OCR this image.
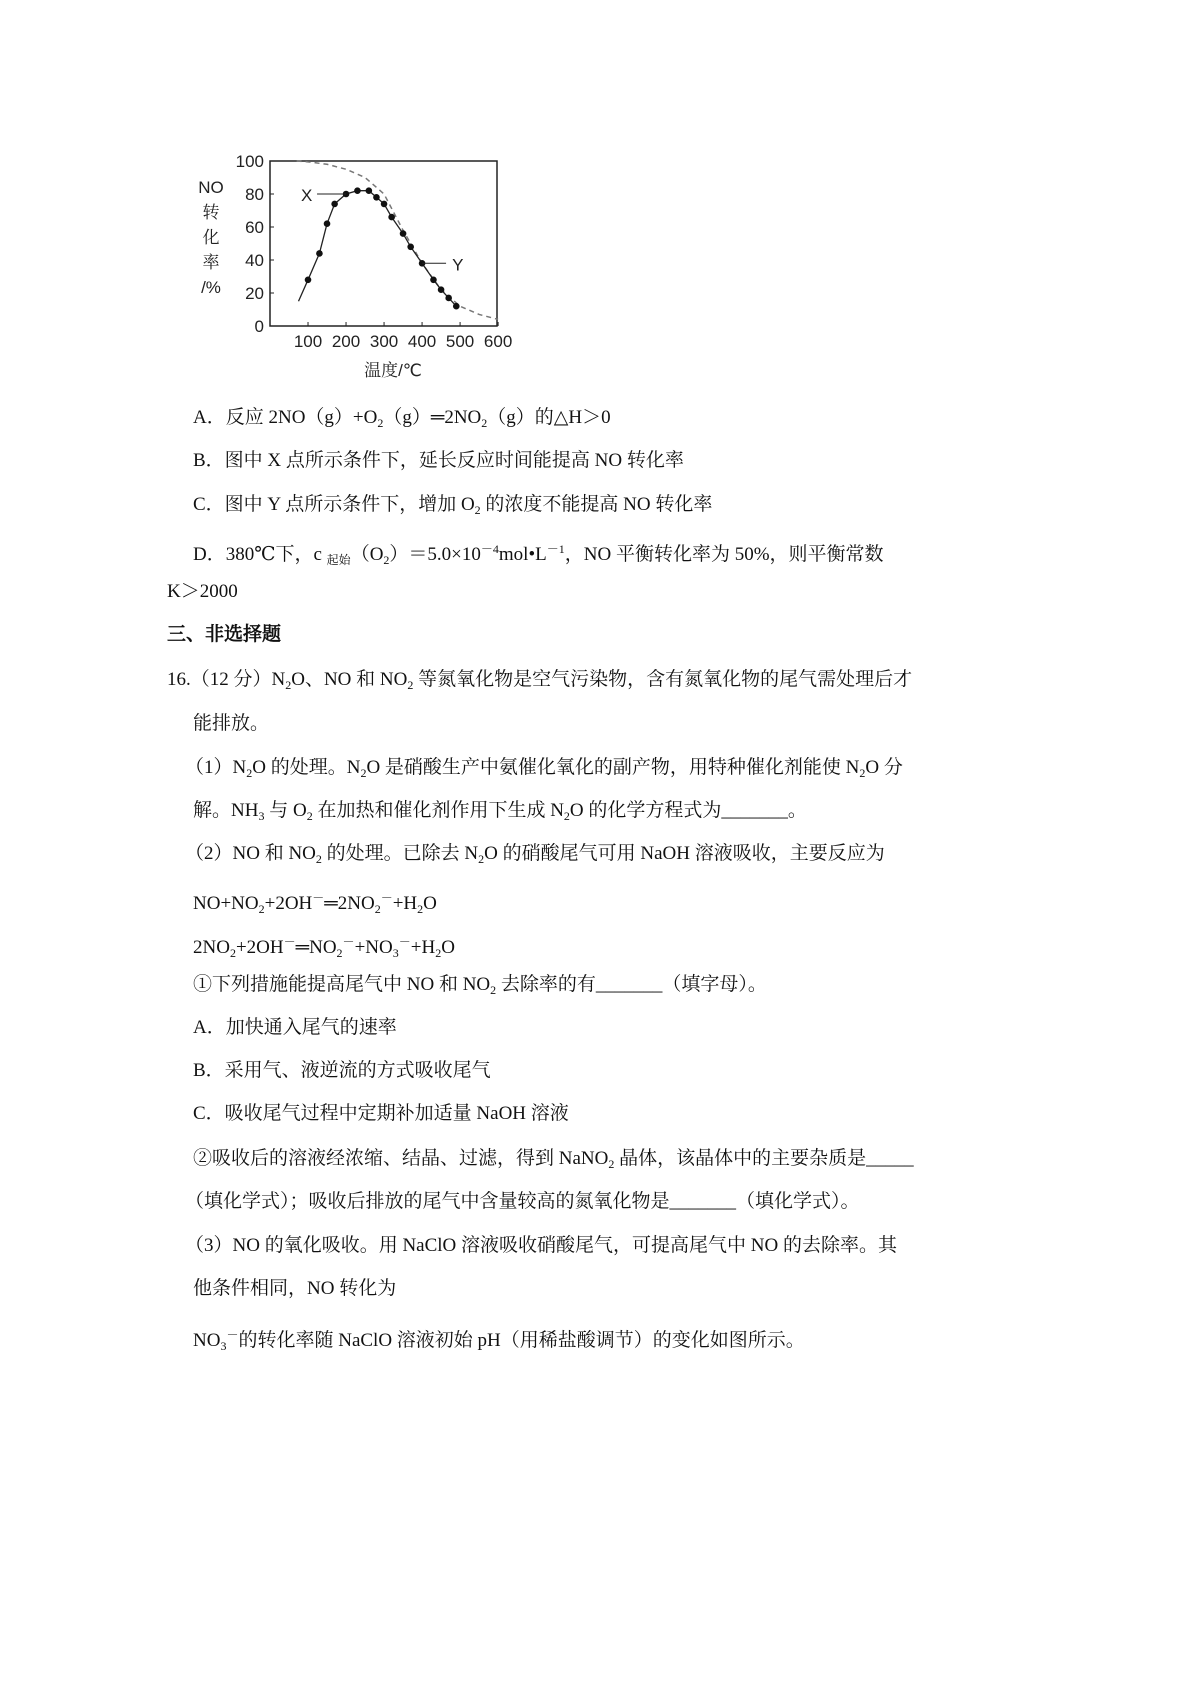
100 200 300 400 500 600
0
20
40
60
80
100
温度/℃
NO
转
化
率
/%
X
Y
A．反应 $2NO(g)+O_2(g)═2NO_2(g)$的△H＞0
B．图中 X 点所示条件下，延长反应时间能提高 NO 转化率
C．图中 Y 点所示条件下，增加 $O_2$ 的浓度不能提高 NO 转化率
D．380℃下，c $_{起始}(O_2)=5.0\times 10^{-4}mol•L^{-1}$，NO 平衡转化率为 50%，则平衡常数
K＞2000
三、非选择题
16.（12 分）$N_2O$、NO 和 $NO_2$ 等氮氧化物是空气污染物，含有氮氧化物的尾气需处理后才
能排放。
$(1)N_2O$ 的处理。$N_2O$ 是硝酸生产中氨催化氧化的副产物，用特种催化剂能使 $N_2O$ 分
解。$NH_3$ 与 $O_2$ 在加热和催化剂作用下生成 $N_2O$ 的化学方程式为_______。
（2）NO 和 $NO_2$ 的处理。已除去 $N_2O$ 的硝酸尾气可用 NaOH 溶液吸收，主要反应为
$NO+NO_2+2OH^-═2NO_2^-+H_2O$
$2NO_2+2OH^-═NO_2^-+NO_3^-+H_2O$
①下列措施能提高尾气中 NO 和 $NO_2$ 去除率的有_______（填字母）。
A．加快通入尾气的速率
B．采用气、液逆流的方式吸收尾气
C．吸收尾气过程中定期补加适量 NaOH 溶液
②吸收后的溶液经浓缩、结晶、过滤，得到 NaNO$_2$ 晶体，该晶体中的主要杂质是_____
（填化学式）；吸收后排放的尾气中含量较高的氮氧化物是_______（填化学式）。
（3）NO 的氧化吸收。用 NaClO 溶液吸收硝酸尾气，可提高尾气中 NO 的去除率。其
他条件相同，NO 转化为
$NO_3^-$的转化率随 NaClO 溶液初始 pH（用稀盐酸调节）的变化如图所示。
